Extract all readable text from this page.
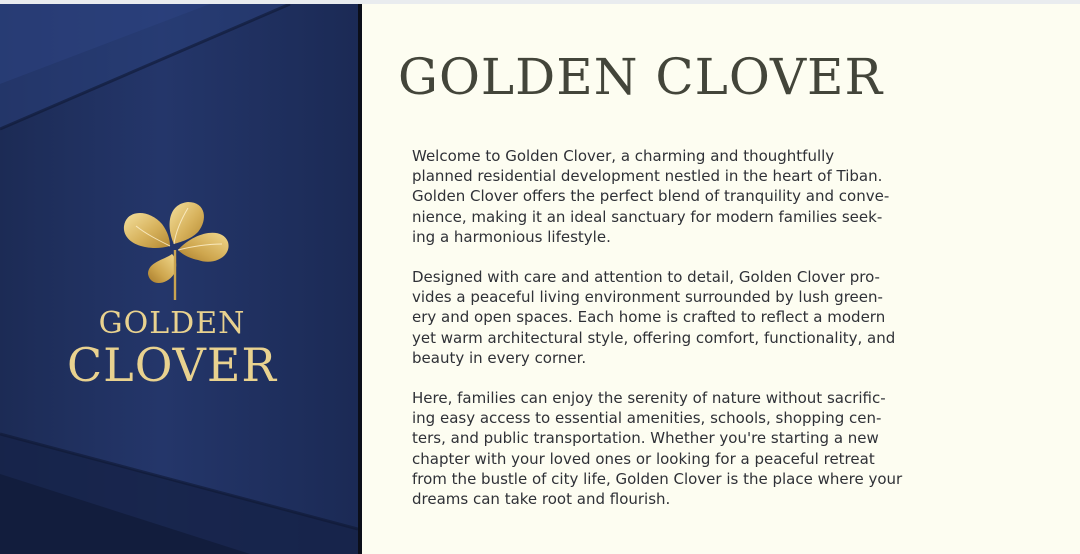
GOLDEN
CLOVER
GOLDEN CLOVER
Welcome to Golden Clover, a charming and thoughtfully
planned residential development nestled in the heart of Tiban.
Golden Clover offers the perfect blend of tranquility and conve-
nience, making it an ideal sanctuary for modern families seek-
ing a harmonious lifestyle.
Designed with care and attention to detail, Golden Clover pro-
vides a peaceful living environment surrounded by lush green-
ery and open spaces. Each home is crafted to reflect a modern
yet warm architectural style, offering comfort, functionality, and
beauty in every corner.
Here, families can enjoy the serenity of nature without sacrific-
ing easy access to essential amenities, schools, shopping cen-
ters, and public transportation. Whether you're starting a new
chapter with your loved ones or looking for a peaceful retreat
from the bustle of city life, Golden Clover is the place where your
dreams can take root and flourish.
